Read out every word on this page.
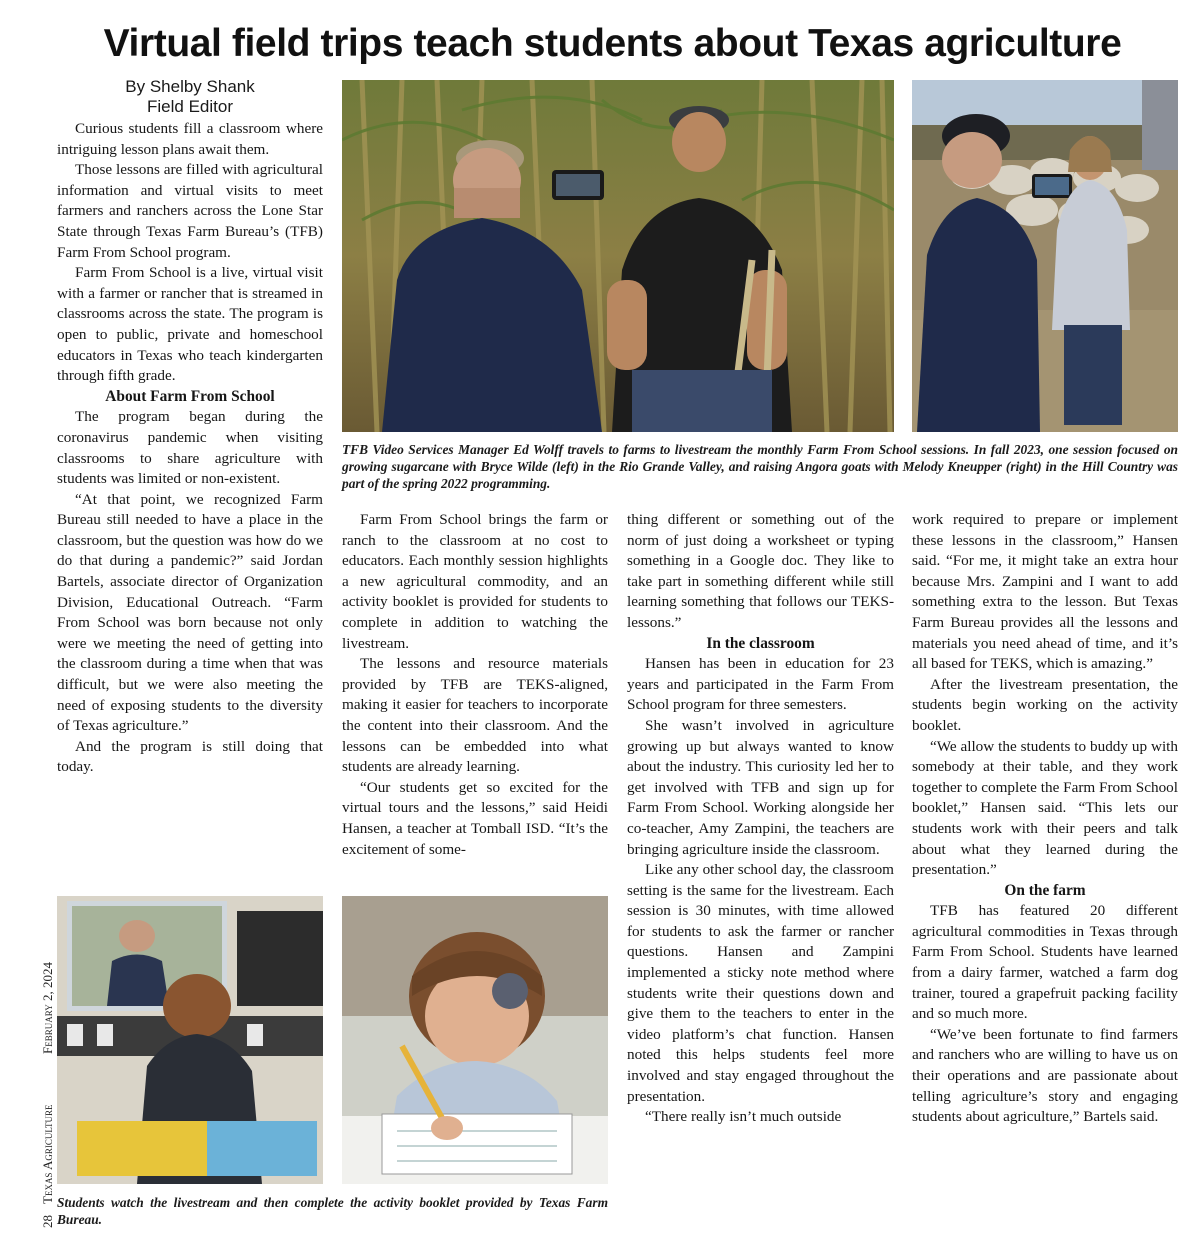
Virtual field trips teach students about Texas agriculture
By Shelby Shank
Field Editor

Curious students fill a classroom where intriguing lesson plans await them.

Those lessons are filled with agricultural information and virtual visits to meet farmers and ranchers across the Lone Star State through Texas Farm Bureau’s (TFB) Farm From School program.

Farm From School is a live, virtual visit with a farmer or rancher that is streamed in classrooms across the state. The program is open to public, private and homeschool educators in Texas who teach kindergarten through fifth grade.

About Farm From School

The program began during the coronavirus pandemic when visiting classrooms to share agriculture with students was limited or non-existent.

“At that point, we recognized Farm Bureau still needed to have a place in the classroom, but the question was how do we do that during a pandemic?” said Jordan Bartels, associate director of Organization Division, Educational Outreach. “Farm From School was born because not only were we meeting the need of getting into the classroom during a time when that was difficult, but we were also meeting the need of exposing students to the diversity of Texas agriculture.”

And the program is still doing that today.

TFB Video Services Manager Ed Wolff travels to farms to livestream the monthly Farm From School sessions. In fall 2023, one session focused on growing sugarcane with Bryce Wilde (left) in the Rio Grande Valley, and raising Angora goats with Melody Kneupper (right) in the Hill Country was part of the spring 2022 programming.

Farm From School brings the farm or ranch to the classroom at no cost to educators. Each monthly session highlights a new agricultural commodity, and an activity booklet is provided for students to complete in addition to watching the livestream.

The lessons and resource materials provided by TFB are TEKS-aligned, making it easier for teachers to incorporate the content into their classroom. And the lessons can be embedded into what students are already learning.

“Our students get so excited for the virtual tours and the lessons,” said Heidi Hansen, a teacher at Tomball ISD. “It’s the excitement of some-

thing different or something out of the norm of just doing a worksheet or typing something in a Google doc. They like to take part in something different while still learning something that follows our TEKS-lessons.”

In the classroom

Hansen has been in education for 23 years and participated in the Farm From School program for three semesters.

She wasn’t involved in agriculture growing up but always wanted to know about the industry. This curiosity led her to get involved with TFB and sign up for Farm From School. Working alongside her co-teacher, Amy Zampini, the teachers are bringing agriculture inside the classroom.

Like any other school day, the classroom setting is the same for the livestream. Each session is 30 minutes, with time allowed for students to ask the farmer or rancher questions. Hansen and Zampini implemented a sticky note method where students write their questions down and give them to the teachers to enter in the video platform’s chat function. Hansen noted this helps students feel more involved and stay engaged throughout the presentation.

“There really isn’t much outside

work required to prepare or implement these lessons in the classroom,” Hansen said. “For me, it might take an extra hour because Mrs. Zampini and I want to add something extra to the lesson. But Texas Farm Bureau provides all the lessons and materials you need ahead of time, and it’s all based for TEKS, which is amazing.”

After the livestream presentation, the students begin working on the activity booklet.

“We allow the students to buddy up with somebody at their table, and they work together to complete the Farm From School booklet,” Hansen said. “This lets our students work with their peers and talk about what they learned during the presentation.”

On the farm

TFB has featured 20 different agricultural commodities in Texas through Farm From School. Students have learned from a dairy farmer, watched a farm dog trainer, toured a grapefruit packing facility and so much more.

“We’ve been fortunate to find farmers and ranchers who are willing to have us on their operations and are passionate about telling agriculture’s story and engaging students about agriculture,” Bartels said.

Students watch the livestream and then complete the activity booklet provided by Texas Farm Bureau.
28Texas AgricultureFebruary 2, 2024
